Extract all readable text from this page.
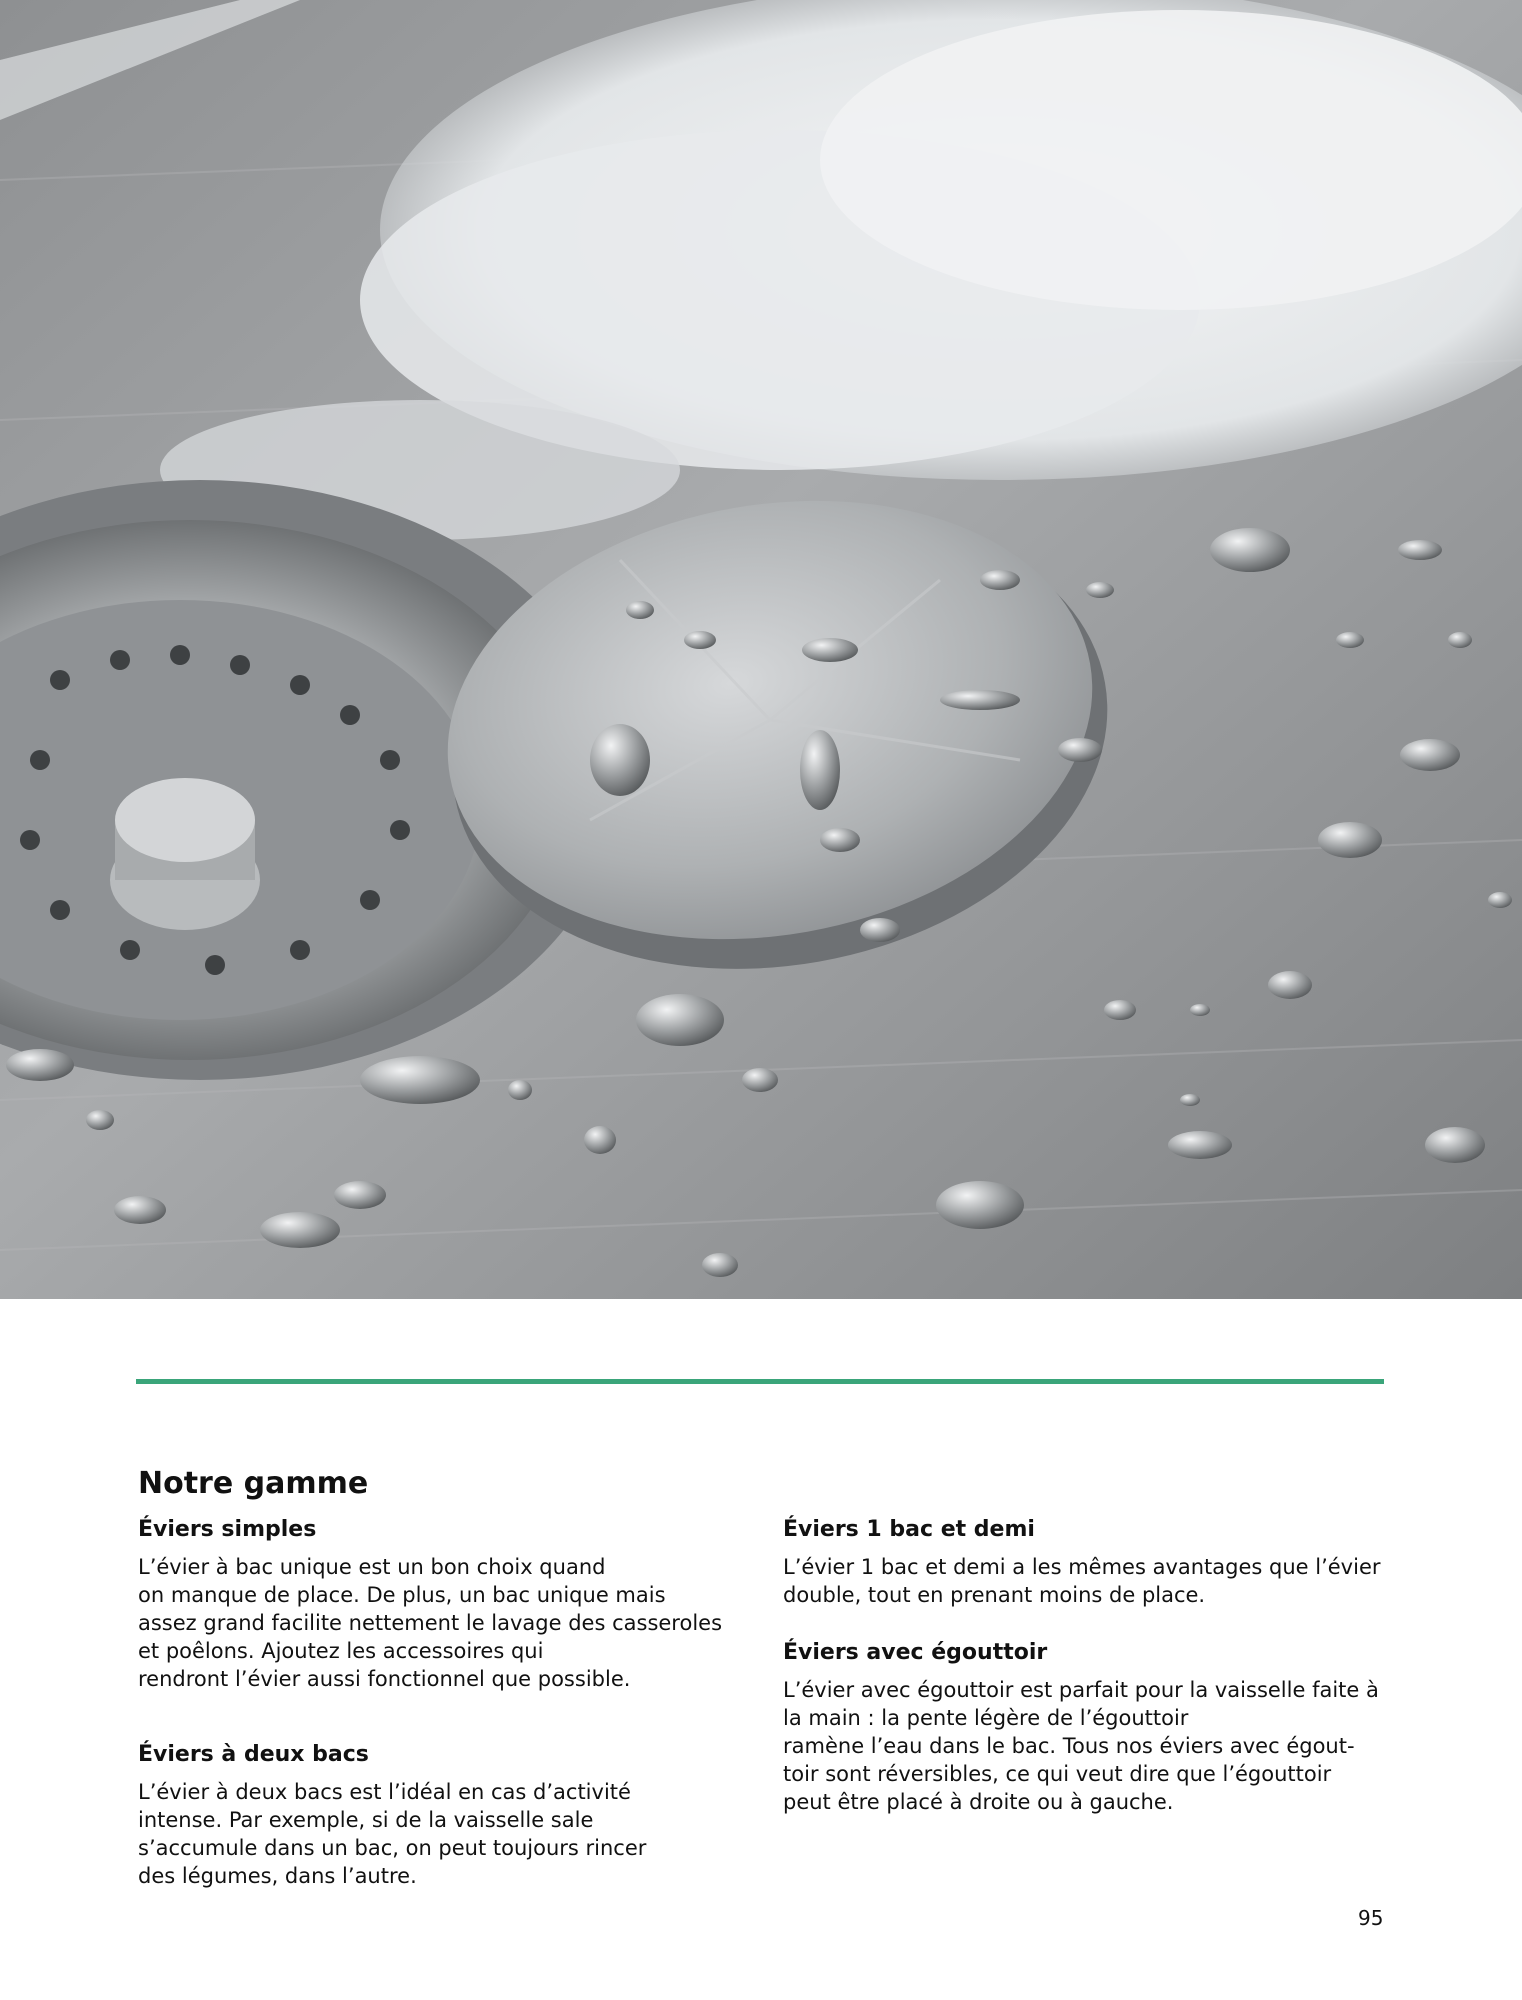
Notre gamme
Éviers simples

L’évier à bac unique est un bon choix quand
on manque de place. De plus, un bac unique mais
assez grand facilite nettement le lavage des casseroles
et poêlons. Ajoutez les accessoires qui
rendront l’évier aussi fonctionnel que possible.

Éviers à deux bacs

L’évier à deux bacs est l’idéal en cas d’activité
intense. Par exemple, si de la vaisselle sale
s’accumule dans un bac, on peut toujours rincer
des légumes, dans l’autre.

Éviers 1 bac et demi

L’évier 1 bac et demi a les mêmes avantages que l’évier
double, tout en prenant moins de place.

Éviers avec égouttoir

L’évier avec égouttoir est parfait pour la vaisselle faite à
la main : la pente légère de l’égouttoir
ramène l’eau dans le bac. Tous nos éviers avec égout-
toir sont réversibles, ce qui veut dire que l’égouttoir
peut être placé à droite ou à gauche.

95
